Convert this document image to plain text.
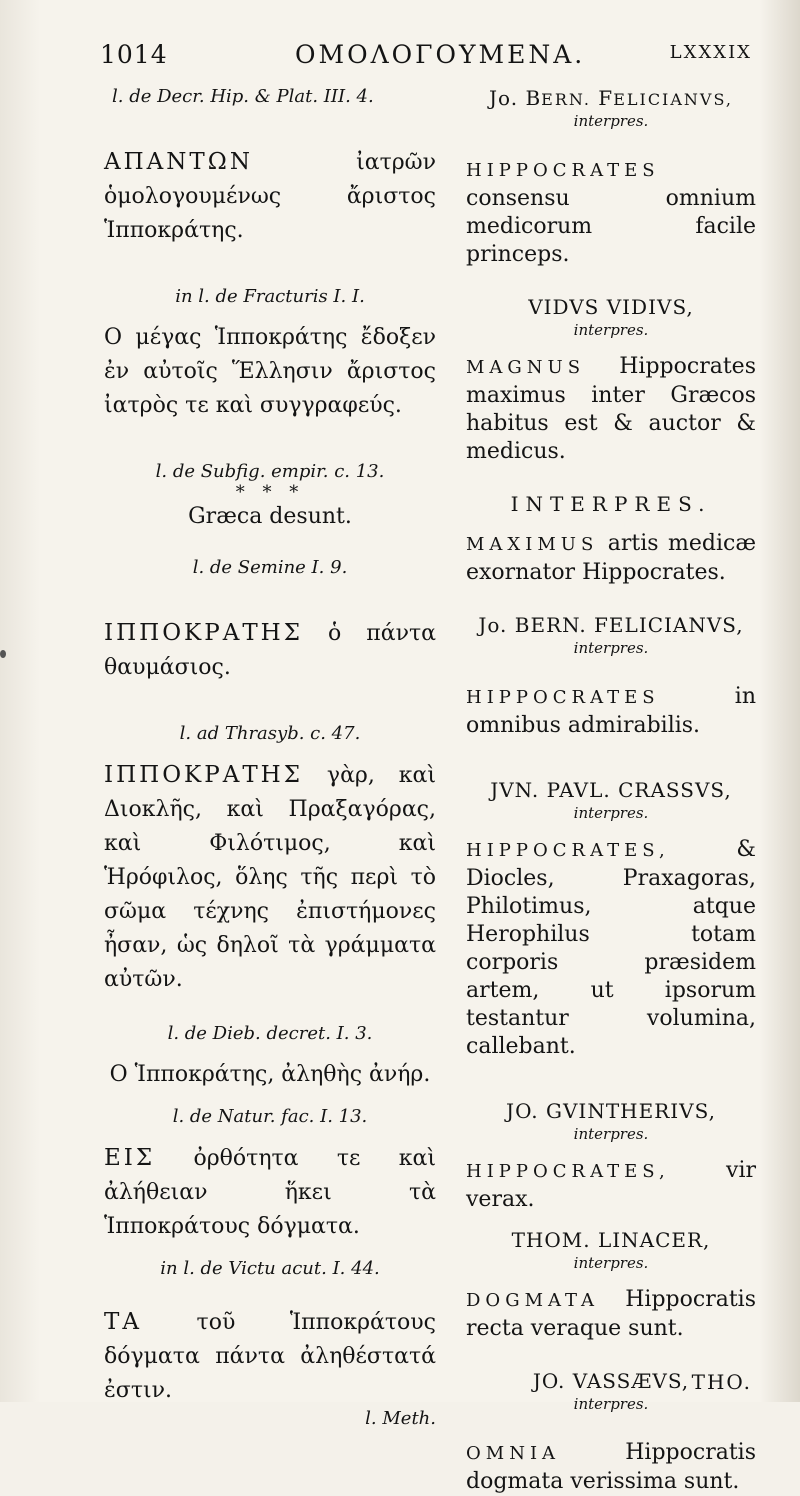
1014	ΟΜΟΛΟΓΟΥΜΕΝΑ.	LXXXIX
l. de Decr. Hip. & Plat. III. 4.
ΑΠΑΝΤΩΝ	ἰατρῶν ὁμολογουμένως ἄριστος Ἱπποκράτης.
in l. de Fracturis I. I.
Ο μέγας Ἱπποκράτης ἔδοξεν ἐν αὐτοῖς Ἕλλησιν ἄριστος ἰατρὸς τε καὶ συγγραφεύς.
l. de Subfig. empir. c. 13.
* * *
Græca desunt.
l. de Semine I. 9.
ΙΠΠΟΚΡΑΤΗΣ ὁ πάντα θαυμάσιος.
l. ad Thrasyb. c. 47.
ΙΠΠΟΚΡΑΤΗΣ γὰρ, καὶ Διοκλῆς, καὶ Πραξαγόρας, καὶ Φιλότιμος, καὶ Ἡρόφιλος, ὅλης τῆς περὶ τὸ σῶμα τέχνης ἐπιστήμονες ἦσαν, ὡς δηλοῖ τὰ γράμματα αὐτῶν.
l. de Dieb. decret. I. 3.
Ο Ἱπποκράτης, ἀληθὴς ἀνήρ.
l. de Natur. fac. I. 13.
ΕΙΣ ὀρθότητα τε καὶ ἀλήθειαν ἥκει τὰ Ἱπποκράτους δόγματα.
in l. de Victu acut. I. 44.
ΤΑ τοῦ Ἱπποκράτους δόγματα πάντα ἀληθέστατά ἐστιν.
l. Meth.
Jo. BERN. FELICIANVS,
interpres.
HIPPOCRATES consensu omnium medicorum facile princeps.
VIDVS VIDIVS,
interpres.
MAGNUS Hippocrates maximus inter Græcos habitus est & auctor & medicus.
INTERPRES.
MAXIMUS artis medicæ exornator Hippocrates.
Jo. BERN. FELICIANVS,
interpres.
HIPPOCRATES	in omnibus admirabilis.
JVN. PAVL. CRASSVS,
interpres.
HIPPOCRATES,	& Diocles, Praxagoras, Philotimus, atque Herophilus totam corporis præsidem artem, ut ipsorum testantur volumina, callebant.
JO. GVINTHERIVS,
interpres.
HIPPOCRATES,	vir verax.
THOM. LINACER,
interpres.
DOGMATA Hippocratis recta veraque sunt.
JO. VASSÆVS,
interpres.
OMNIA	Hippocratis dogmata verissima sunt.
THO.
